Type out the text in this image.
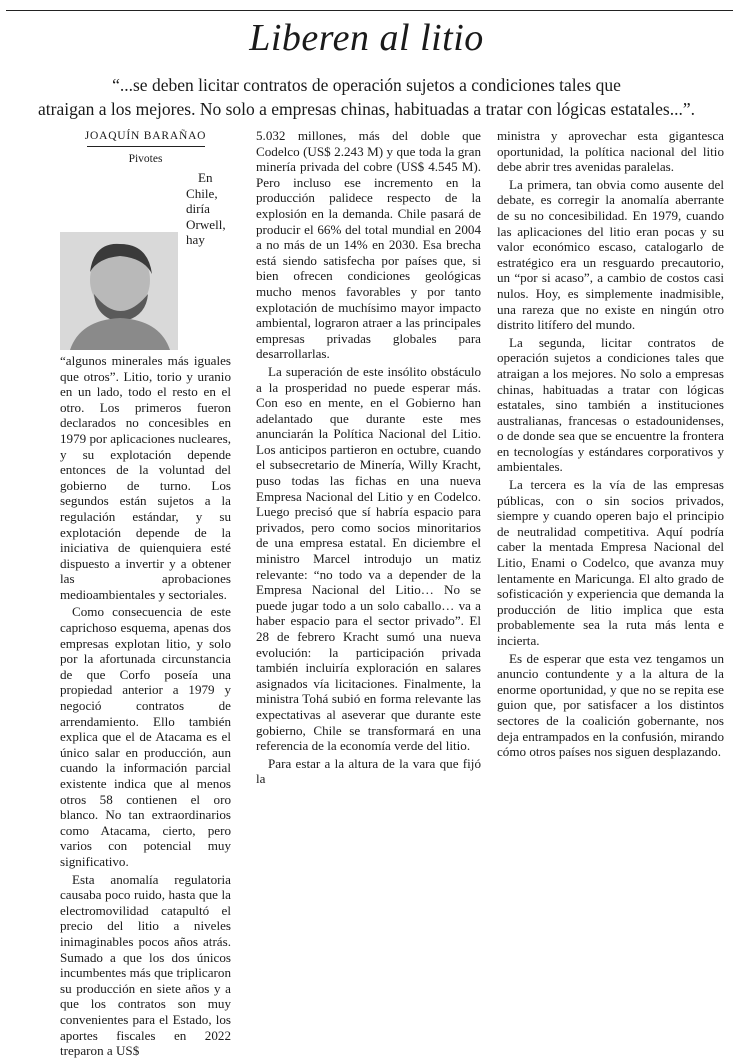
Liberen al litio
“...se deben licitar contratos de operación sujetos a condiciones tales que
atraigan a los mejores. No solo a empresas chinas, habituadas a tratar con lógicas estatales...”.
JOAQUÍN BARAÑAO
Pivotes

En Chile, diría Orwell, hay “algunos minerales más iguales que otros”. Litio, torio y uranio en un lado, todo el resto en el otro. Los primeros fueron declarados no concesibles en 1979 por aplicaciones nucleares, y su explotación depende entonces de la voluntad del gobierno de turno. Los segundos están sujetos a la regulación estándar, y su explotación depende de la iniciativa de quienquiera esté dispuesto a invertir y a obtener las aprobaciones medioambientales y sectoriales.

Como consecuencia de este caprichoso esquema, apenas dos empresas explotan litio, y solo por la afortunada circunstancia de que Corfo poseía una propiedad anterior a 1979 y negoció contratos de arrendamiento. Ello también explica que el de Atacama es el único salar en producción, aun cuando la información parcial existente indica que al menos otros 58 contienen el oro blanco. No tan extraordinarios como Atacama, cierto, pero varios con potencial muy significativo.

Esta anomalía regulatoria causaba poco ruido, hasta que la electromovilidad catapultó el precio del litio a niveles inimaginables pocos años atrás. Sumado a que los dos únicos incumbentes más que triplicaron su producción en siete años y a que los contratos son muy convenientes para el Estado, los aportes fiscales en 2022 treparon a US$

5.032 millones, más del doble que Codelco (US$ 2.243 M) y que toda la gran minería privada del cobre (US$ 4.545 M). Pero incluso ese incremento en la producción palidece respecto de la explosión en la demanda. Chile pasará de producir el 66% del total mundial en 2004 a no más de un 14% en 2030. Esa brecha está siendo satisfecha por países que, si bien ofrecen condiciones geológicas mucho menos favorables y por tanto explotación de muchísimo mayor impacto ambiental, lograron atraer a las principales empresas privadas globales para desarrollarlas.

La superación de este insólito obstáculo a la prosperidad no puede esperar más. Con eso en mente, en el Gobierno han adelantado que durante este mes anunciarán la Política Nacional del Litio. Los anticipos partieron en octubre, cuando el subsecretario de Minería, Willy Kracht, puso todas las fichas en una nueva Empresa Nacional del Litio y en Codelco. Luego precisó que sí habría espacio para privados, pero como socios minoritarios de una empresa estatal. En diciembre el ministro Marcel introdujo un matiz relevante: “no todo va a depender de la Empresa Nacional del Litio… No se puede jugar todo a un solo caballo… va a haber espacio para el sector privado”. El 28 de febrero Kracht sumó una nueva evolución: la participación privada también incluiría exploración en salares asignados vía licitaciones. Finalmente, la ministra Tohá subió en forma relevante las expectativas al aseverar que durante este gobierno, Chile se transformará en una referencia de la economía verde del litio.

Para estar a la altura de la vara que fijó la

ministra y aprovechar esta gigantesca oportunidad, la política nacional del litio debe abrir tres avenidas paralelas.

La primera, tan obvia como ausente del debate, es corregir la anomalía aberrante de su no concesibilidad. En 1979, cuando las aplicaciones del litio eran pocas y su valor económico escaso, catalogarlo de estratégico era un resguardo precautorio, un “por si acaso”, a cambio de costos casi nulos. Hoy, es simplemente inadmisible, una rareza que no existe en ningún otro distrito litífero del mundo.

La segunda, licitar contratos de operación sujetos a condiciones tales que atraigan a los mejores. No solo a empresas chinas, habituadas a tratar con lógicas estatales, sino también a instituciones australianas, francesas o estadounidenses, o de donde sea que se encuentre la frontera en tecnologías y estándares corporativos y ambientales.

La tercera es la vía de las empresas públicas, con o sin socios privados, siempre y cuando operen bajo el principio de neutralidad competitiva. Aquí podría caber la mentada Empresa Nacional del Litio, Enami o Codelco, que avanza muy lentamente en Maricunga. El alto grado de sofisticación y experiencia que demanda la producción de litio implica que esta probablemente sea la ruta más lenta e incierta.

Es de esperar que esta vez tengamos un anuncio contundente y a la altura de la enorme oportunidad, y que no se repita ese guion que, por satisfacer a los distintos sectores de la coalición gobernante, nos deja entrampados en la confusión, mirando cómo otros países nos siguen desplazando.
